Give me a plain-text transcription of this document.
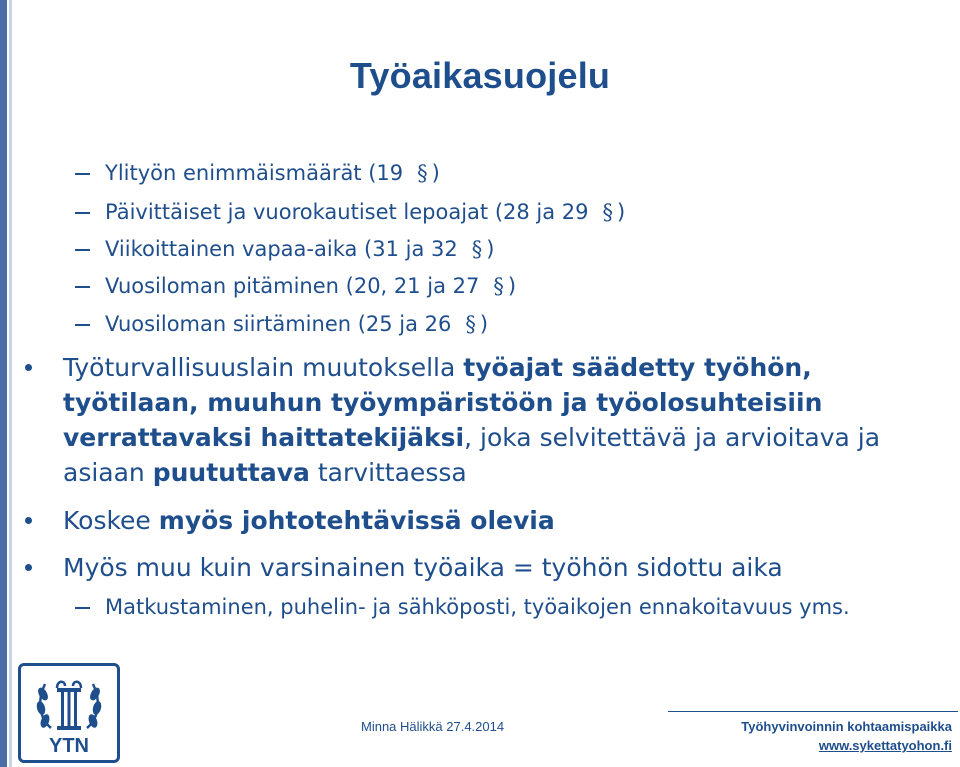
Työaikasuojelu
Ylityön enimmäismäärät (19 § )
Päivittäiset ja vuorokautiset lepoajat (28 ja 29 § )
Viikoittainen vapaa-aika (31 ja 32 § )
Vuosiloman pitäminen (20, 21 ja 27 § )
Vuosiloman siirtäminen (25 ja 26 § )
Työturvallisuuslain muutoksella työajat säädetty työhön,
työtilaan, muuhun työympäristöön ja työolosuhteisiin
verrattavaksi haittatekijäksi, joka selvitettävä ja arvioitava ja
asiaan puututtava tarvittaessa
Koskee myös johtotehtävissä olevia
Myös muu kuin varsinainen työaika = työhön sidottu aika
Matkustaminen, puhelin- ja sähköposti, työaikojen ennakoitavuus yms.
YTN
Minna Hälikkä 27.4.2014	Työhyvinvoinnin kohtaamispaikka
www.sykettatyohon.fi
